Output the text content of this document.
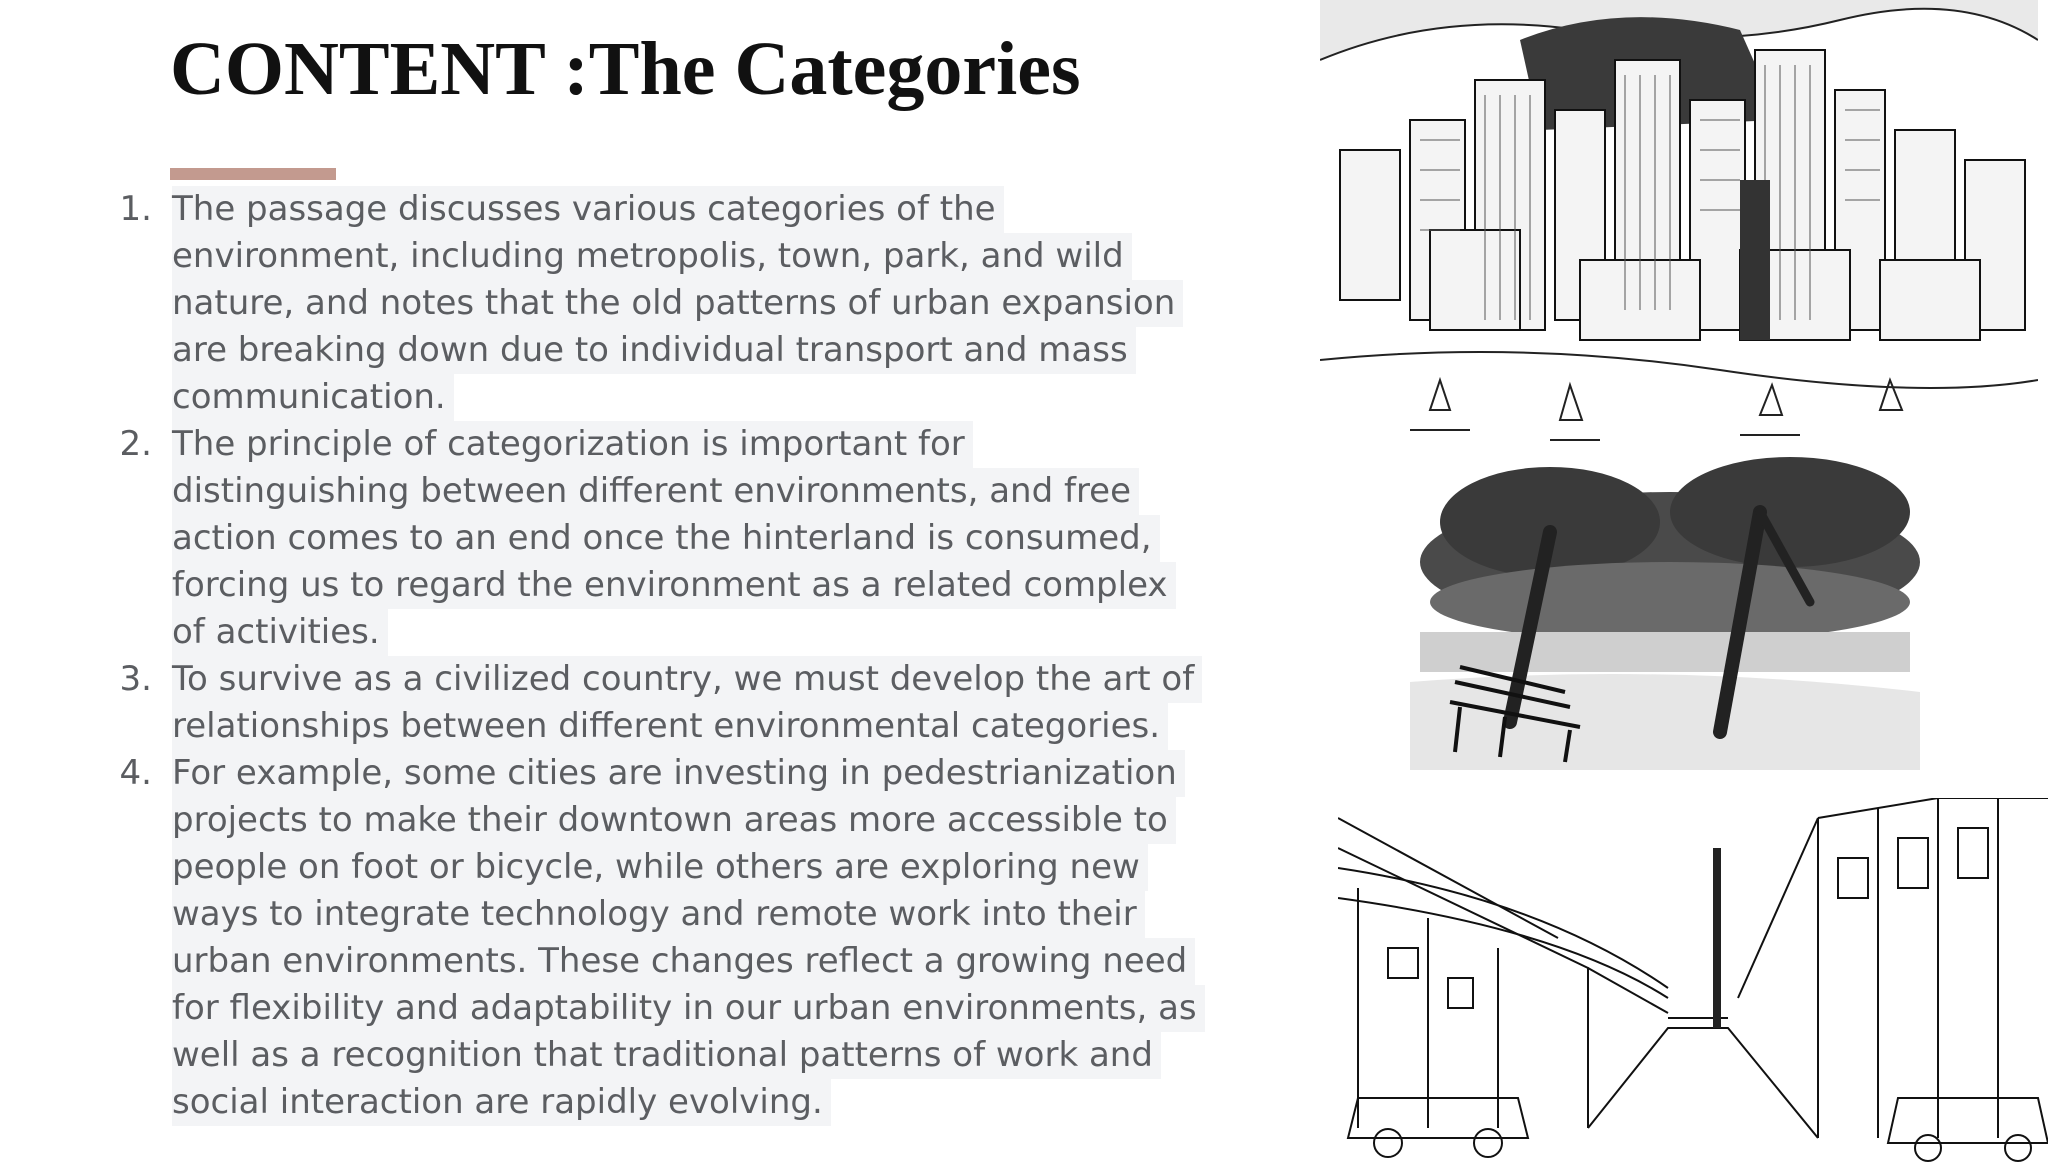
CONTENT :The Categories
1. The passage discusses various categories of the
environment, including metropolis, town, park, and wild
nature, and notes that the old patterns of urban expansion
are breaking down due to individual transport and mass
communication.
2. The principle of categorization is important for
distinguishing between different environments, and free
action comes to an end once the hinterland is consumed,
forcing us to regard the environment as a related complex
of activities.
3. To survive as a civilized country, we must develop the art of
relationships between different environmental categories.
4. For example, some cities are investing in pedestrianization
projects to make their downtown areas more accessible to
people on foot or bicycle, while others are exploring new
ways to integrate technology and remote work into their
urban environments. These changes reflect a growing need
for flexibility and adaptability in our urban environments, as
well as a recognition that traditional patterns of work and
social interaction are rapidly evolving.
